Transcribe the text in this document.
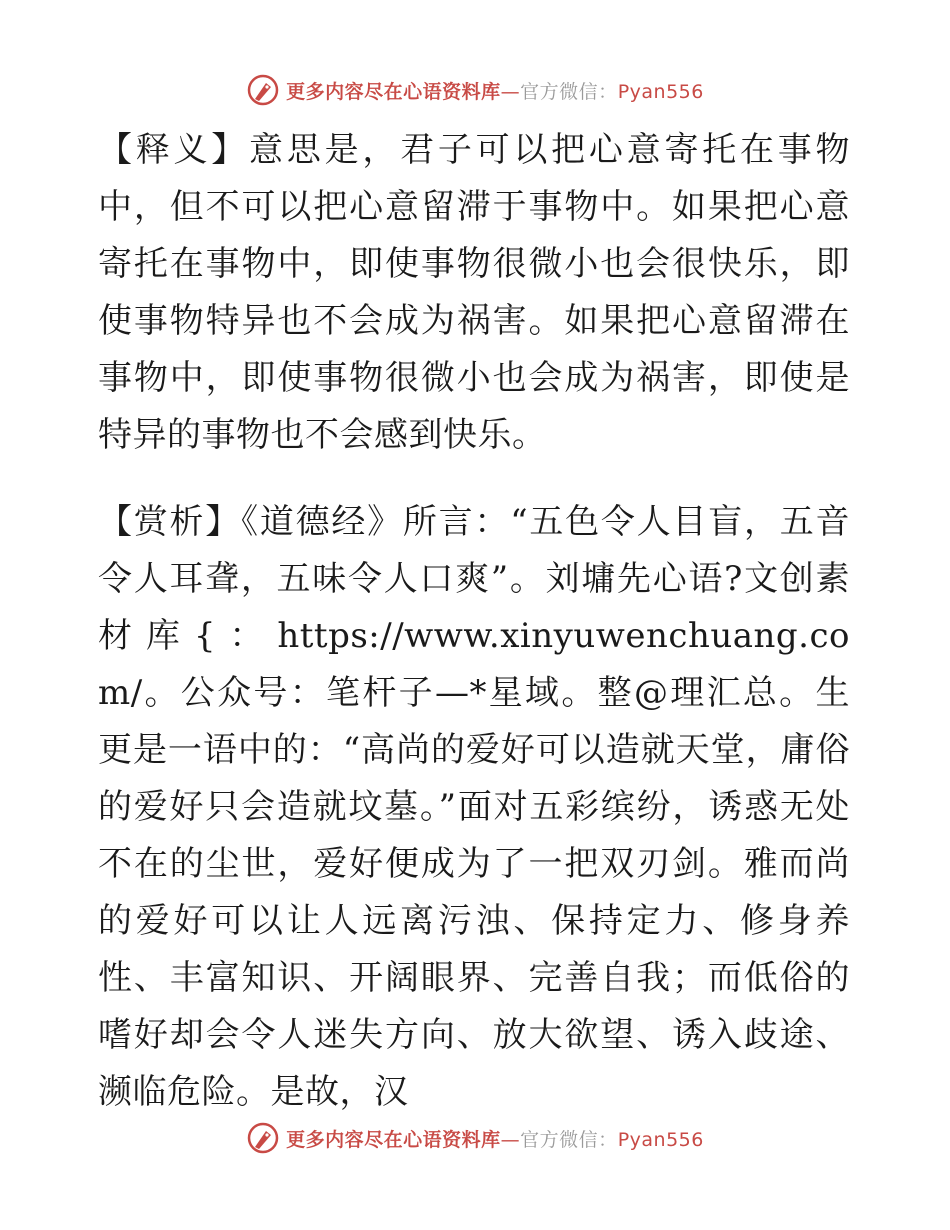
更多内容尽在心语资料库—官方微信：Pyan556

【释义】意思是，君子可以把心意寄托在事物中，但不可以把心意留滞于事物中。如果把心意寄托在事物中，即使事物很微小也会很快乐，即使事物特异也不会成为祸害。如果把心意留滞在事物中，即使事物很微小也会成为祸害，即使是特异的事物也不会感到快乐。

【赏析】《道德经》所言：“五色令人目盲，五音令人耳聋，五味令人口爽”。刘墉先心语?文创素材库{：https://www.xinyuwenchuang.com/。公众号：笔杆子—*星域。整@理汇总。生更是一语中的：“高尚的爱好可以造就天堂，庸俗的爱好只会造就坟墓。”面对五彩缤纷，诱惑无处不在的尘世，爱好便成为了一把双刃剑。雅而尚的爱好可以让人远离污浊、保持定力、修身养性、丰富知识、开阔眼界、完善自我；而低俗的嗜好却会令人迷失方向、放大欲望、诱入歧途、濒临危险。是故，汉

更多内容尽在心语资料库—官方微信：Pyan556
